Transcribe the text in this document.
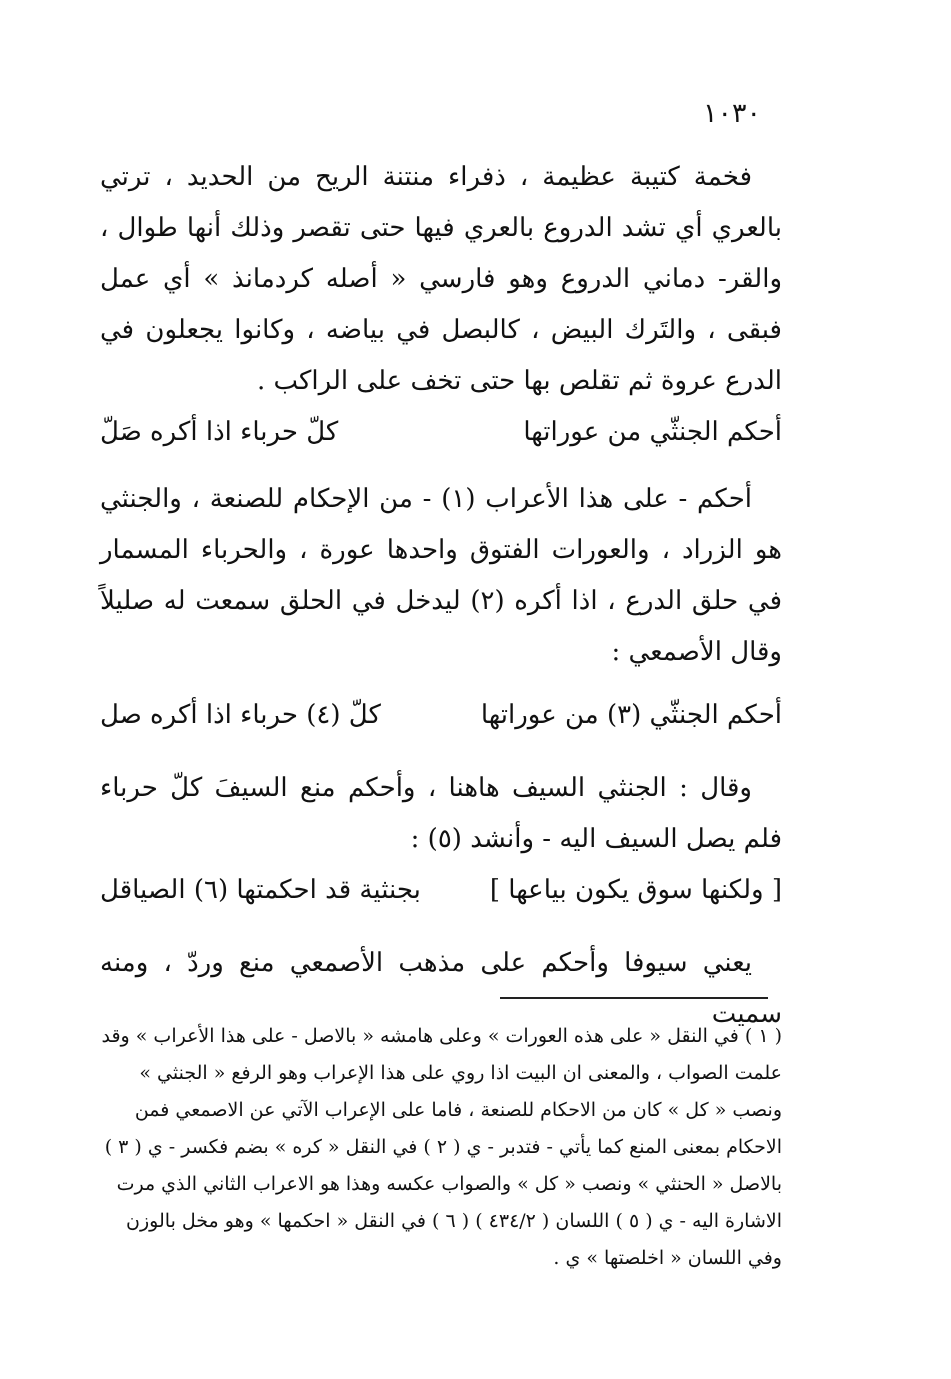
١٠٣٠

فخمة كتيبة عظيمة ، ذفراء منتنة الريح من الحديد ، ترتي بالعري أي تشد الدروع بالعري فيها حتى تقصر وذلك أنها طوال ، والقر- دماني الدروع وهو فارسي « أصله كردمانذ » أي عمل فبقى ، والتَرك البيض ، كالبصل في بياضه ، وكانوا يجعلون في الدرع عروة ثم تقلص بها حتى تخف على الراكب .

أحكم الجنثّي من عوراتها
كلّ حرباء اذا أكره صَلّ

أحكم - على هذا الأعراب (١) - من الإحكام للصنعة ، والجنثي هو الزراد ، والعورات الفتوق واحدها عورة ، والحرباء المسمار في حلق الدرع ، اذا أكره (٢) ليدخل في الحلق سمعت له صليلاً وقال الأصمعي :

أحكم الجنثّي (٣) من عوراتها
كلّ (٤) حرباء اذا أكره صل

وقال : الجنثي السيف هاهنا ، وأحكم منع السيفَ كلّ حرباء فلم يصل السيف اليه - وأنشد (٥) :

[ ولكنها سوق يكون بياعها ]
بجنثية قد احكمتها (٦) الصياقل

يعني سيوفا وأحكم على مذهب الأصمعي منع وردّ ، ومنه سميت

( ١ ) في النقل « على هذه العورات » وعلى هامشه « بالاصل - على هذا الأعراب » وقد

علمت الصواب ، والمعنى ان البيت اذا روي على هذا الإعراب وهو الرفع « الجنثي »

ونصب « كل » كان من الاحكام للصنعة ، فاما على الإعراب الآتي عن الاصمعي فمن

الاحكام بمعنى المنع كما يأتي - فتدبر - ي ( ٢ ) في النقل « كره » بضم فكسر - ي ( ٣ )

بالاصل « الحنثي » ونصب « كل » والصواب عكسه وهذا هو الاعراب الثاني الذي مرت

الاشارة اليه - ي ( ٥ ) اللسان ( ٤٣٤/٢ ) ( ٦ ) في النقل « احكمها » وهو مخل بالوزن

وفي اللسان « اخلصتها » ي .
